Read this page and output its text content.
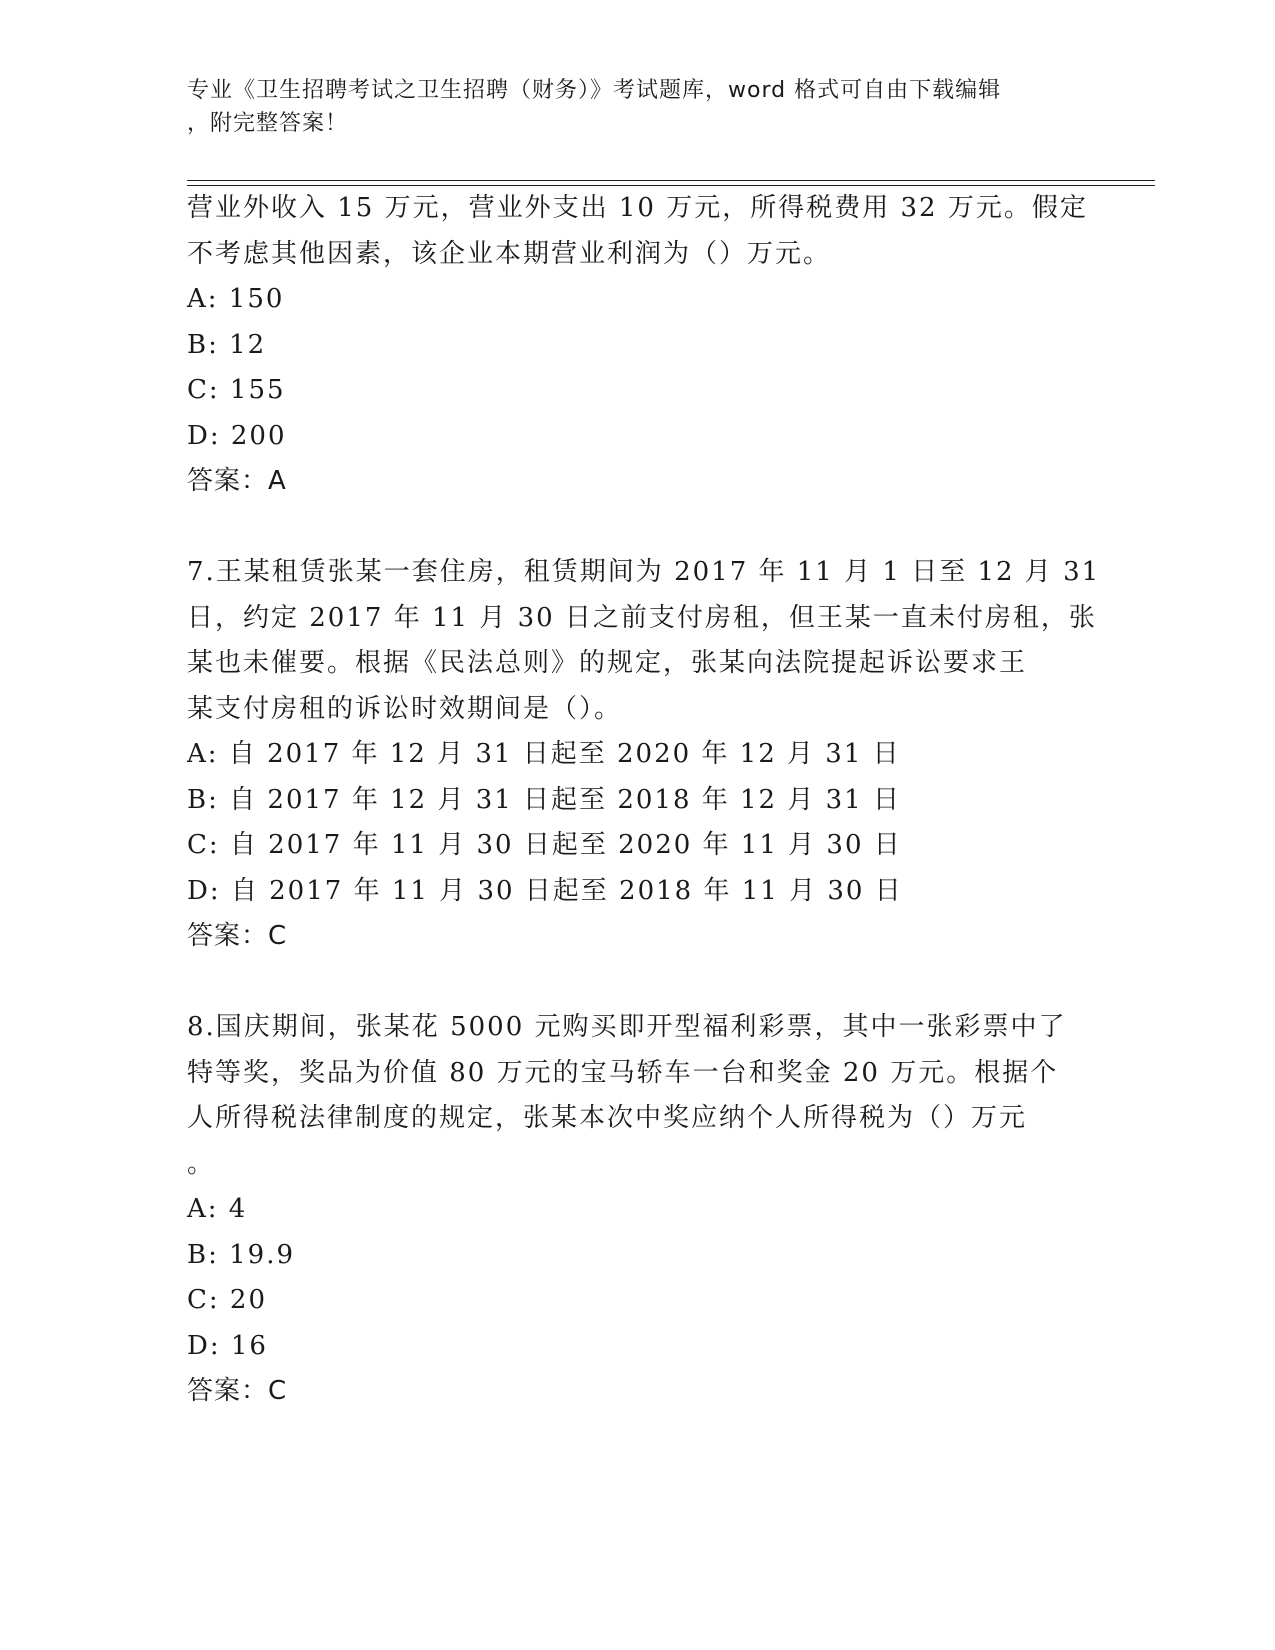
专业《卫生招聘考试之卫生招聘（财务）》考试题库，word 格式可自由下载编辑
，附完整答案！
营业外收入 15 万元，营业外支出 10 万元，所得税费用 32 万元。假定
不考虑其他因素，该企业本期营业利润为（）万元。
A: 150
B: 12
C: 155
D: 200
答案：A
7.王某租赁张某一套住房，租赁期间为 2017 年 11 月 1 日至 12 月 31
日，约定 2017 年 11 月 30 日之前支付房租，但王某一直未付房租，张
某也未催要。根据《民法总则》的规定，张某向法院提起诉讼要求王
某支付房租的诉讼时效期间是（）。
A: 自 2017 年 12 月 31 日起至 2020 年 12 月 31 日
B: 自 2017 年 12 月 31 日起至 2018 年 12 月 31 日
C: 自 2017 年 11 月 30 日起至 2020 年 11 月 30 日
D: 自 2017 年 11 月 30 日起至 2018 年 11 月 30 日
答案：C
8.国庆期间，张某花 5000 元购买即开型福利彩票，其中一张彩票中了
特等奖，奖品为价值 80 万元的宝马轿车一台和奖金 20 万元。根据个
人所得税法律制度的规定，张某本次中奖应纳个人所得税为（）万元
。
A: 4
B: 19.9
C: 20
D: 16
答案：C
